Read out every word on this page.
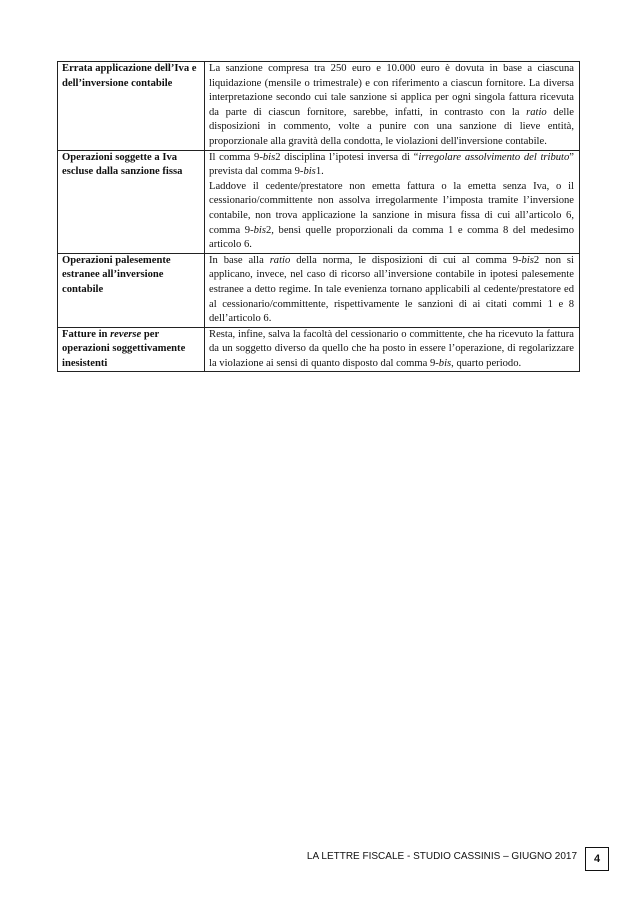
Errata applicazione dell’Iva e dell’inversione contabile	La sanzione compresa tra 250 euro e 10.000 euro è dovuta in base a ciascuna liquidazione (mensile o trimestrale) e con riferimento a ciascun fornitore. La diversa interpretazione secondo cui tale sanzione si applica per ogni singola fattura ricevuta da parte di ciascun fornitore, sarebbe, infatti, in contrasto con la ratio delle disposizioni in commento, volte a punire con una sanzione di lieve entità, proporzionale alla gravità della condotta, le violazioni dell'inversione contabile.
Operazioni soggette a Iva escluse dalla sanzione fissa	Il comma 9-bis2 disciplina l’ipotesi inversa di “irregolare assolvimento del tributo” prevista dal comma 9-bis1.

Laddove il cedente/prestatore non emetta fattura o la emetta senza Iva, o il cessionario/committente non assolva irregolarmente l’imposta tramite l’inversione contabile, non trova applicazione la sanzione in misura fissa di cui all’articolo 6, comma 9-bis2, bensì quelle proporzionali da comma 1 e comma 8 del medesimo articolo 6.

Operazioni palesemente estranee all’inversione contabile	In base alla ratio della norma, le disposizioni di cui al comma 9-bis2 non si applicano, invece, nel caso di ricorso all’inversione contabile in ipotesi palesemente estranee a detto regime. In tale evenienza tornano applicabili al cedente/prestatore ed al cessionario/committente, rispettivamente le sanzioni di ai citati commi 1 e 8 dell’articolo 6.
Fatture in reverse per operazioni soggettivamente inesistenti	Resta, infine, salva la facoltà del cessionario o committente, che ha ricevuto la fattura da un soggetto diverso da quello che ha posto in essere l’operazione, di regolarizzare la violazione ai sensi di quanto disposto dal comma 9-bis, quarto periodo.
LA LETTRE FISCALE - STUDIO CASSINIS – GIUGNO 2017	4
